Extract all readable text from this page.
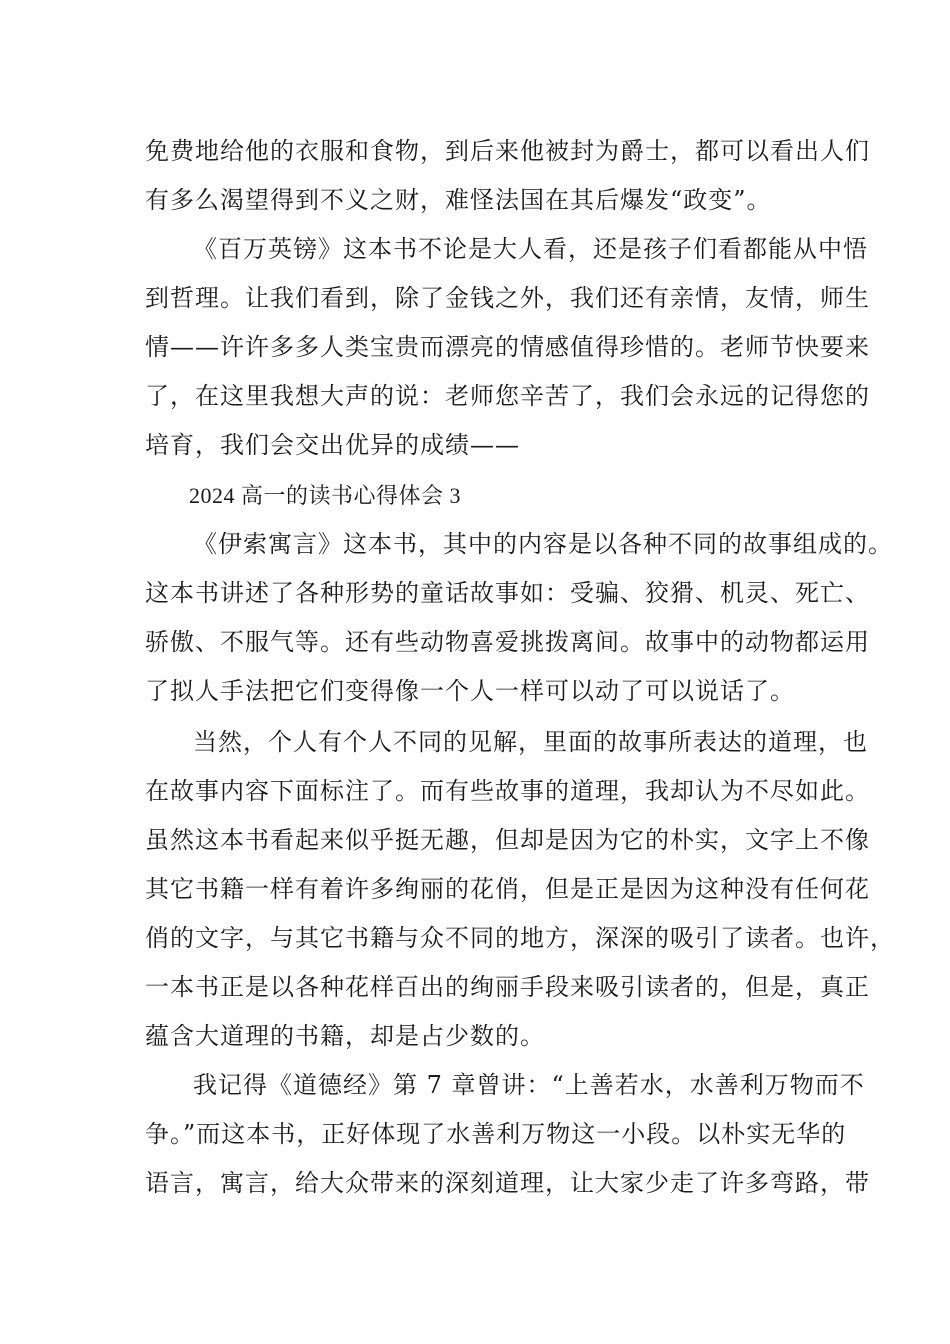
免费地给他的衣服和食物，到后来他被封为爵士，都可以看出人们
有多么渴望得到不义之财，难怪法国在其后爆发“政变”。
《百万英镑》这本书不论是大人看，还是孩子们看都能从中悟
到哲理。让我们看到，除了金钱之外，我们还有亲情，友情，师生
情——许许多多人类宝贵而漂亮的情感值得珍惜的。老师节快要来
了，在这里我想大声的说：老师您辛苦了，我们会永远的记得您的
培育，我们会交出优异的成绩——
2024 高一的读书心得体会 3
《伊索寓言》这本书，其中的内容是以各种不同的故事组成的。
这本书讲述了各种形势的童话故事如：受骗、狡猾、机灵、死亡、
骄傲、不服气等。还有些动物喜爱挑拨离间。故事中的动物都运用
了拟人手法把它们变得像一个人一样可以动了可以说话了。
当然，个人有个人不同的见解，里面的故事所表达的道理，也
在故事内容下面标注了。而有些故事的道理，我却认为不尽如此。
虽然这本书看起来似乎挺无趣，但却是因为它的朴实，文字上不像
其它书籍一样有着许多绚丽的花俏，但是正是因为这种没有任何花
俏的文字，与其它书籍与众不同的地方，深深的吸引了读者。也许，
一本书正是以各种花样百出的绚丽手段来吸引读者的，但是，真正
蕴含大道理的书籍，却是占少数的。
我记得《道德经》第 7 章曾讲：“上善若水，水善利万物而不
争。”而这本书，正好体现了水善利万物这一小段。以朴实无华的
语言，寓言，给大众带来的深刻道理，让大家少走了许多弯路，带
